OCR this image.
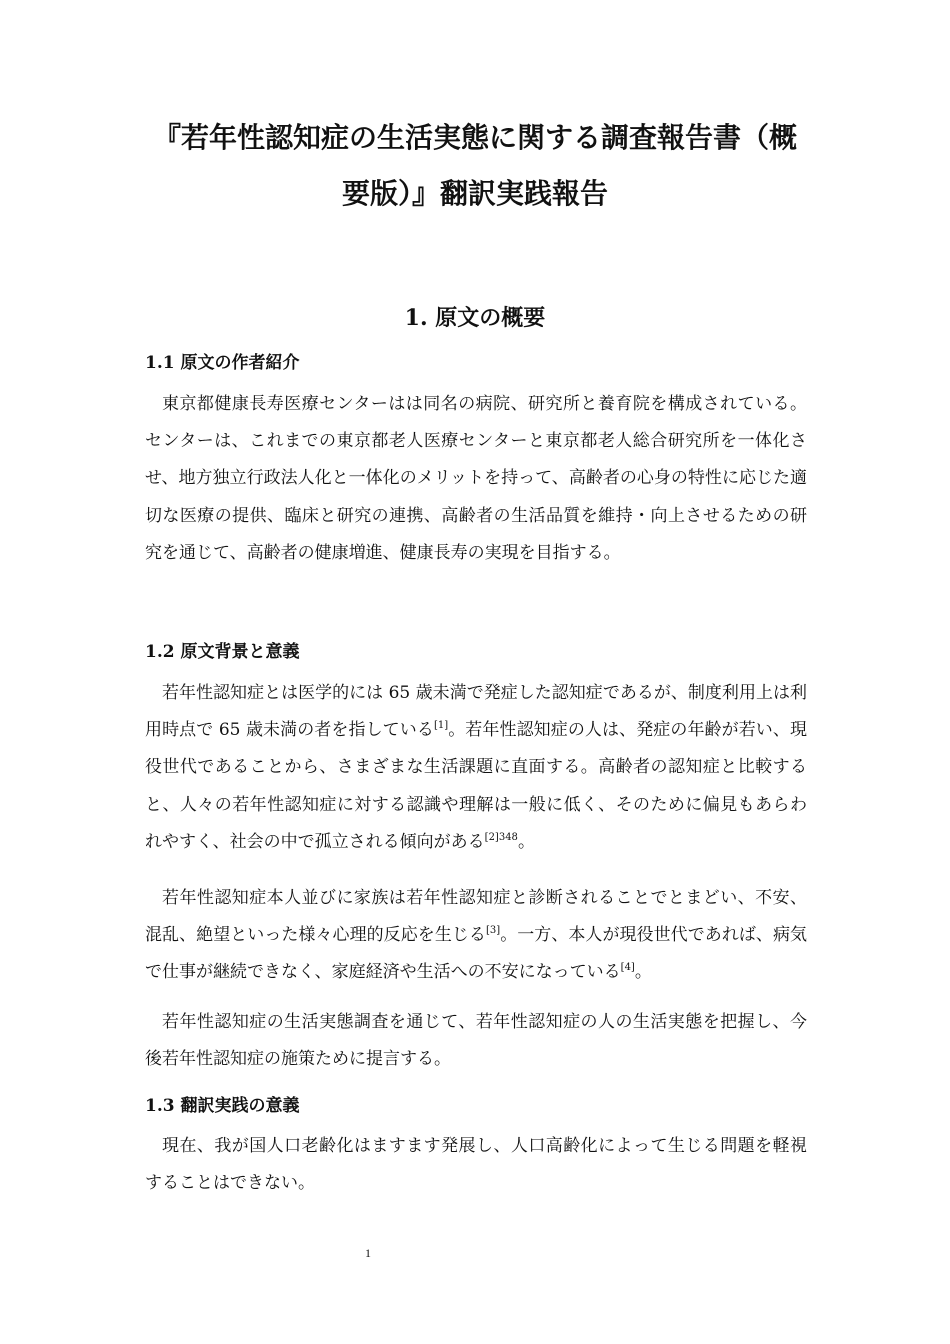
『若年性認知症の生活実態に関する調査報告書（概要版）』翻訳実践報告
1. 原文の概要
1.1 原文の作者紹介

東京都健康長寿医療センターはは同名の病院、研究所と養育院を構成されている。センターは、これまでの東京都老人医療センターと東京都老人総合研究所を一体化させ、地方独立行政法人化と一体化のメリットを持って、高齢者の心身の特性に応じた適切な医療の提供、臨床と研究の連携、高齢者の生活品質を維持・向上させるための研究を通じて、高齢者の健康増進、健康長寿の実現を目指する。

1.2 原文背景と意義

若年性認知症とは医学的には 65 歳未満で発症した認知症であるが、制度利用上は利用時点で 65 歳未満の者を指している[1]。若年性認知症の人は、発症の年齢が若い、現役世代であることから、さまざまな生活課題に直面する。高齢者の認知症と比較すると、人々の若年性認知症に対する認識や理解は一般に低く、そのために偏見もあらわれやすく、社会の中で孤立される傾向がある$^{[2]348}$。

若年性認知症本人並びに家族は若年性認知症と診断されることでとまどい、不安、混乱、絶望といった様々心理的反応を生じる[3]。一方、本人が現役世代であれば、病気で仕事が継続できなく、家庭経済や生活への不安になっている[4]。

若年性認知症の生活実態調査を通じて、若年性認知症の人の生活実態を把握し、今後若年性認知症の施策ために提言する。

1.3 翻訳実践の意義

現在、我が国人口老齢化はますます発展し、人口高齢化によって生じる問題を軽視することはできない。

1
